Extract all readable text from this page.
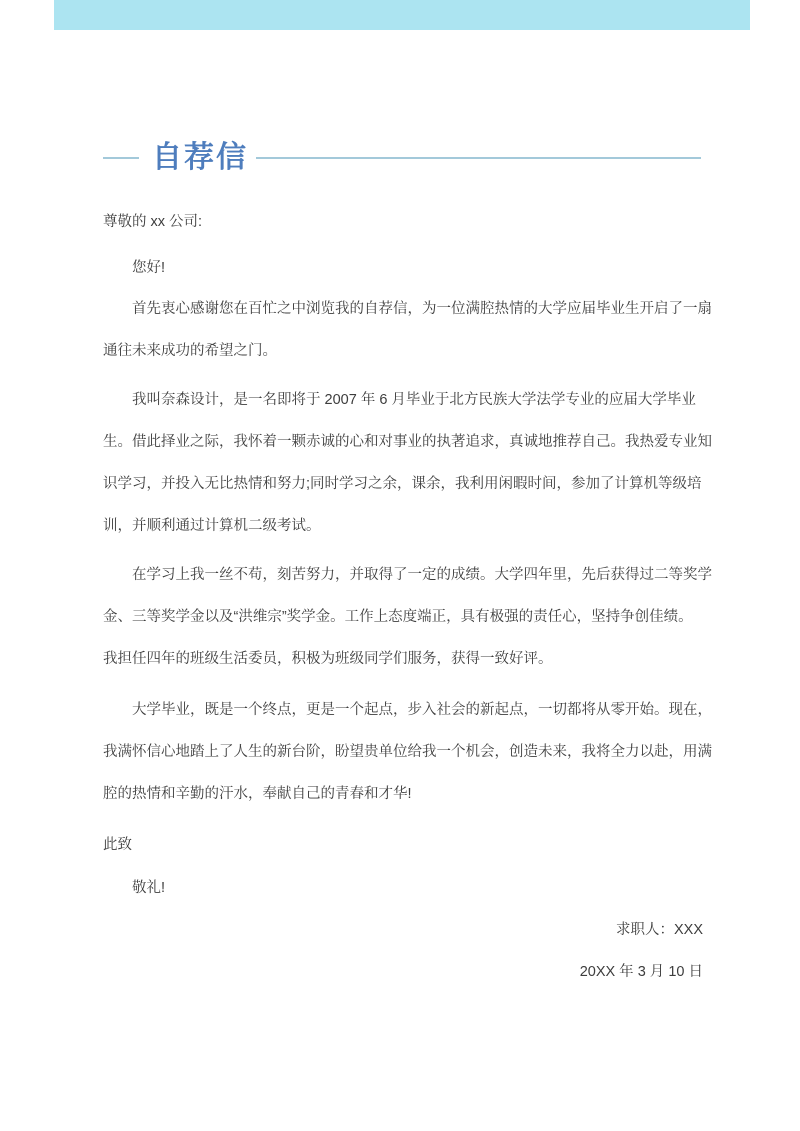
自荐信
尊敬的 xx 公司:
您好!
首先衷心感谢您在百忙之中浏览我的自荐信，为一位满腔热情的大学应届毕业生开启了一扇
通往未来成功的希望之门。
我叫奈森设计，是一名即将于 2007 年 6 月毕业于北方民族大学法学专业的应届大学毕业
生。借此择业之际，我怀着一颗赤诚的心和对事业的执著追求，真诚地推荐自己。我热爱专业知
识学习，并投入无比热情和努力;同时学习之余，课余，我利用闲暇时间，参加了计算机等级培
训，并顺利通过计算机二级考试。
在学习上我一丝不苟，刻苦努力，并取得了一定的成绩。大学四年里，先后获得过二等奖学
金、三等奖学金以及“洪维宗”奖学金。工作上态度端正，具有极强的责任心，坚持争创佳绩。
我担任四年的班级生活委员，积极为班级同学们服务，获得一致好评。
大学毕业，既是一个终点，更是一个起点，步入社会的新起点，一切都将从零开始。现在，
我满怀信心地踏上了人生的新台阶，盼望贵单位给我一个机会，创造未来，我将全力以赴，用满
腔的热情和辛勤的汗水，奉献自己的青春和才华!
此致
敬礼!
求职人：XXX
20XX 年 3 月 10 日
